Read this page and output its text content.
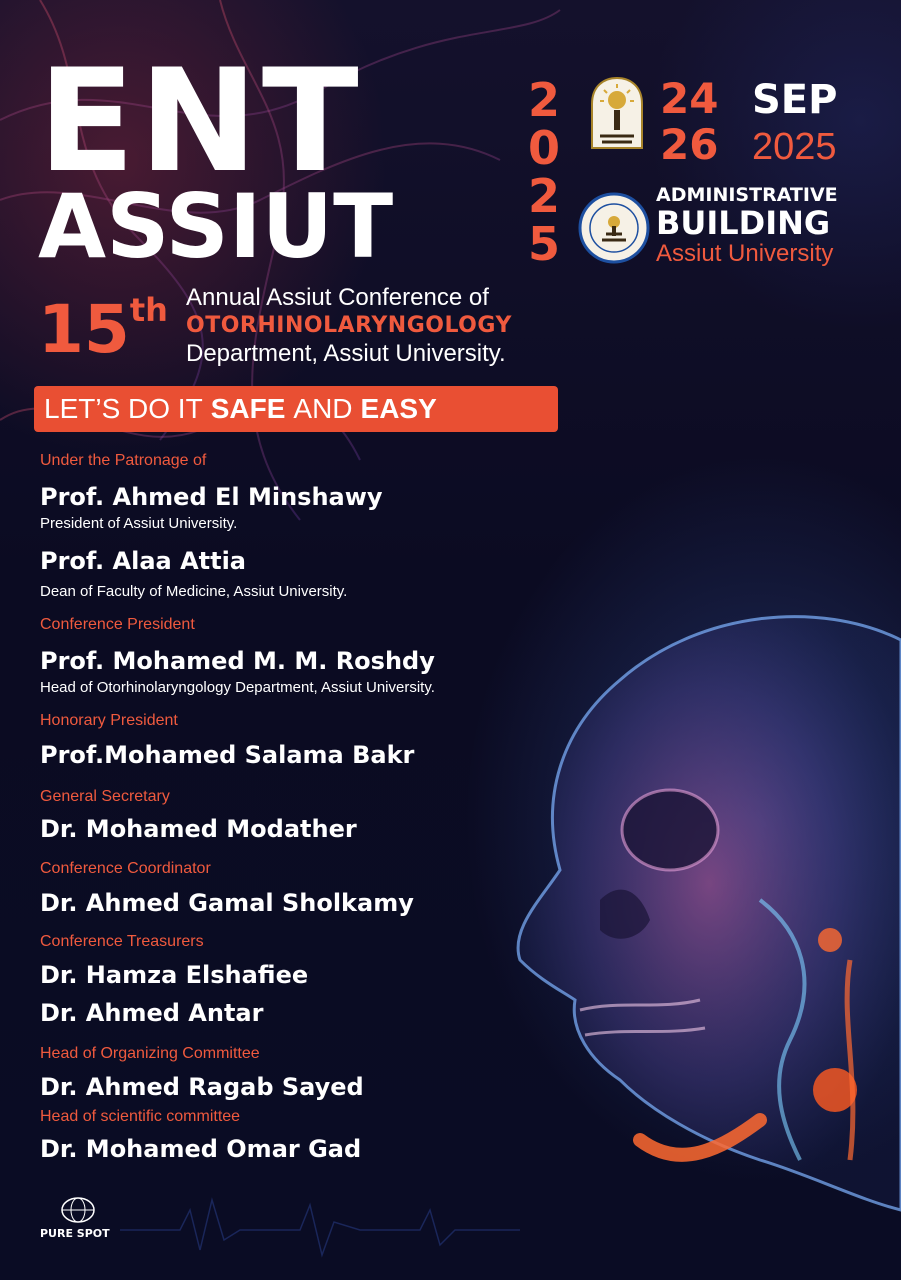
ENT
ASSIUT
2
0
2
5
24 SEP
26 2025
ADMINISTRATIVE
BUILDING
Assiut University
15 th Annual Assiut Conference of
OTORHINOLARYNGOLOGY
Department, Assiut University.
LET’S DO IT SAFE AND EASY

Under the Patronage of

Prof. Ahmed El Minshawy

President of Assiut University.

Prof. Alaa Attia

Dean of Faculty of Medicine, Assiut University.

Conference President

Prof. Mohamed M. M. Roshdy

Head of Otorhinolaryngology Department, Assiut University.

Honorary President

Prof.Mohamed Salama Bakr

General Secretary

Dr. Mohamed Modather

Conference Coordinator

Dr. Ahmed Gamal Sholkamy

Conference Treasurers

Dr. Hamza Elshafiee

Dr. Ahmed Antar

Head of Organizing Committee

Dr. Ahmed Ragab Sayed

Head of scientific committee

Dr. Mohamed Omar Gad

PURE SPOT
